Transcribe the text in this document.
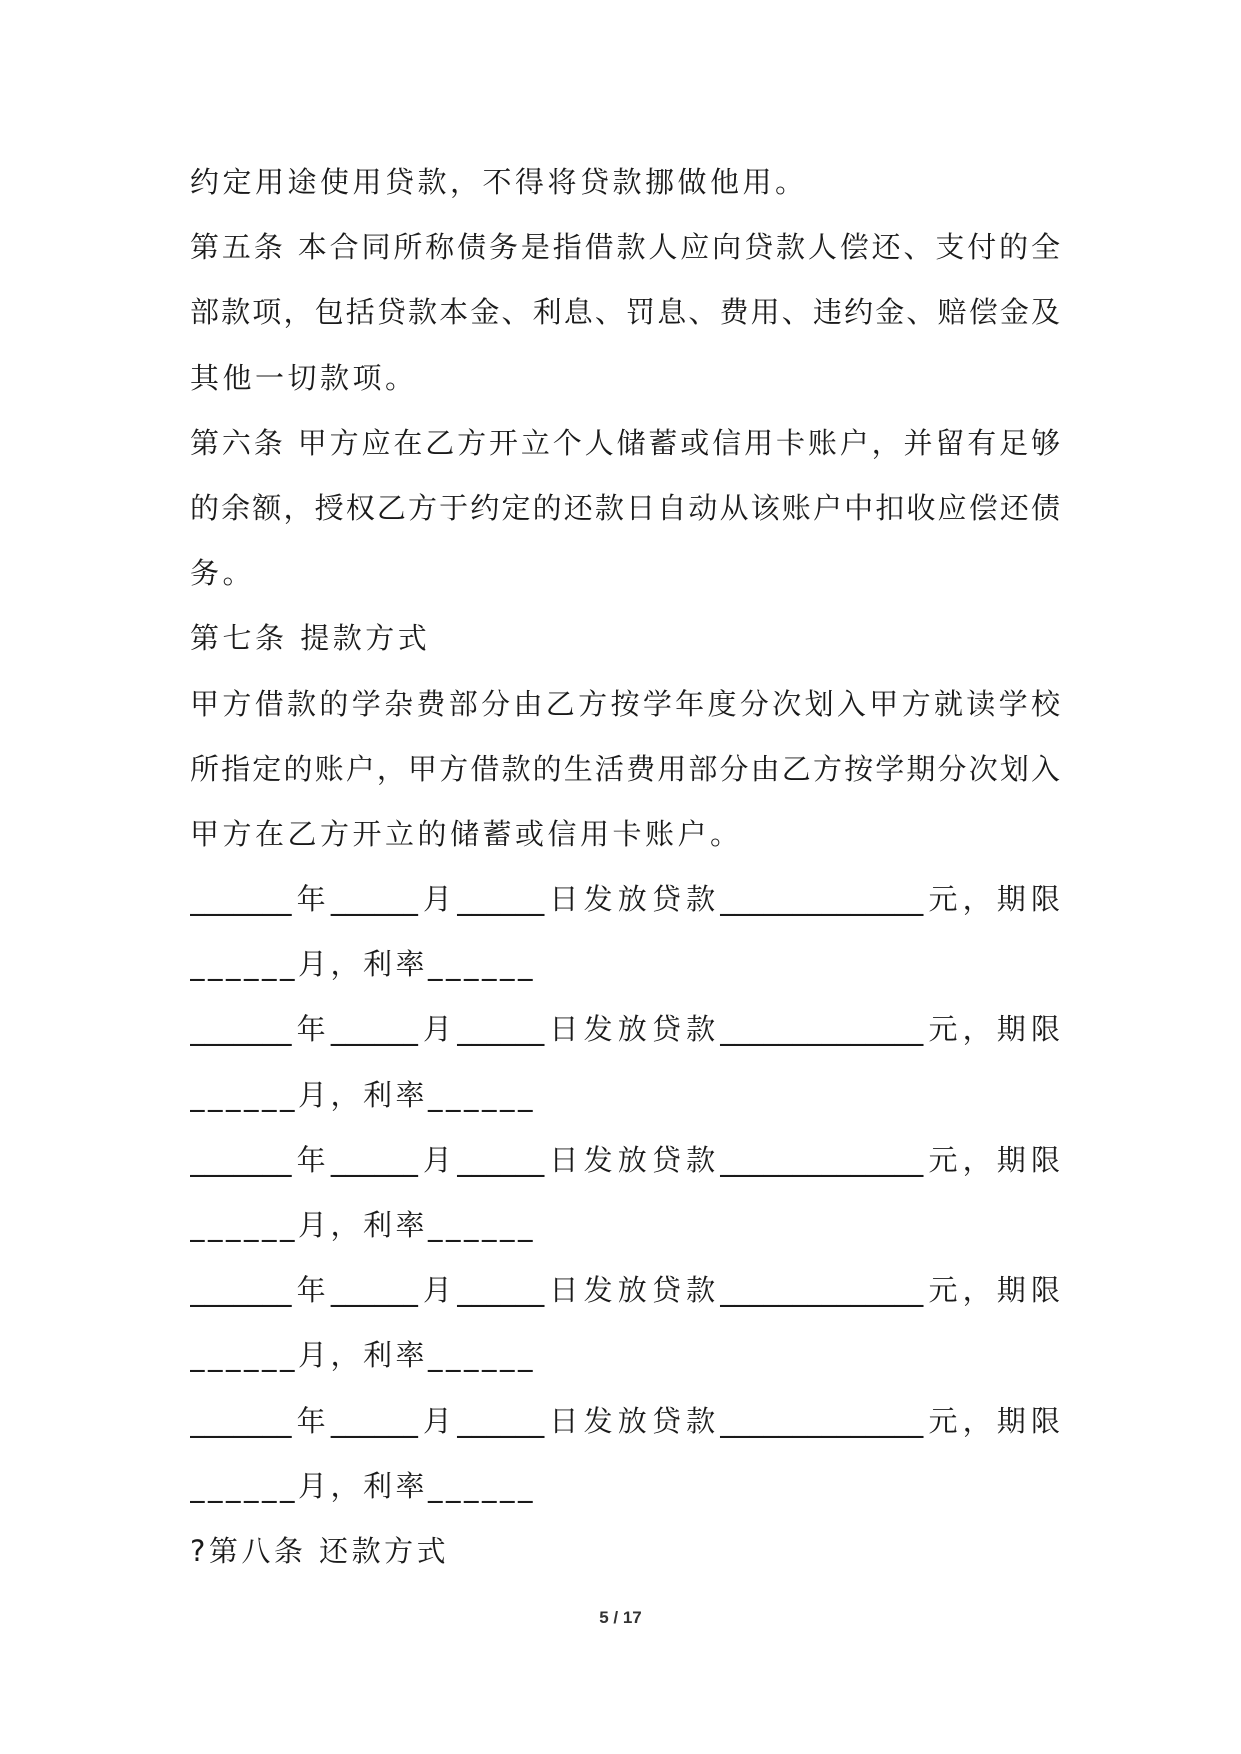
约定用途使用贷款，不得将贷款挪做他用。
第五条 本合同所称债务是指借款人应向贷款人偿还、支付的全
部款项，包括贷款本金、利息、罚息、费用、违约金、赔偿金及
其他一切款项。
第六条 甲方应在乙方开立个人储蓄或信用卡账户，并留有足够
的余额，授权乙方于约定的还款日自动从该账户中扣收应偿还债
务。
第七条 提款方式
甲方借款的学杂费部分由乙方按学年度分次划入甲方就读学校
所指定的账户，甲方借款的生活费用部分由乙方按学期分次划入
甲方在乙方开立的储蓄或信用卡账户。
_______年______月______日发放贷款______________元，期限
______月，利率______
_______年______月______日发放贷款______________元，期限
______月，利率______
_______年______月______日发放贷款______________元，期限
______月，利率______
_______年______月______日发放贷款______________元，期限
______月，利率______
_______年______月______日发放贷款______________元，期限
______月，利率______
?第八条 还款方式
5 / 17
